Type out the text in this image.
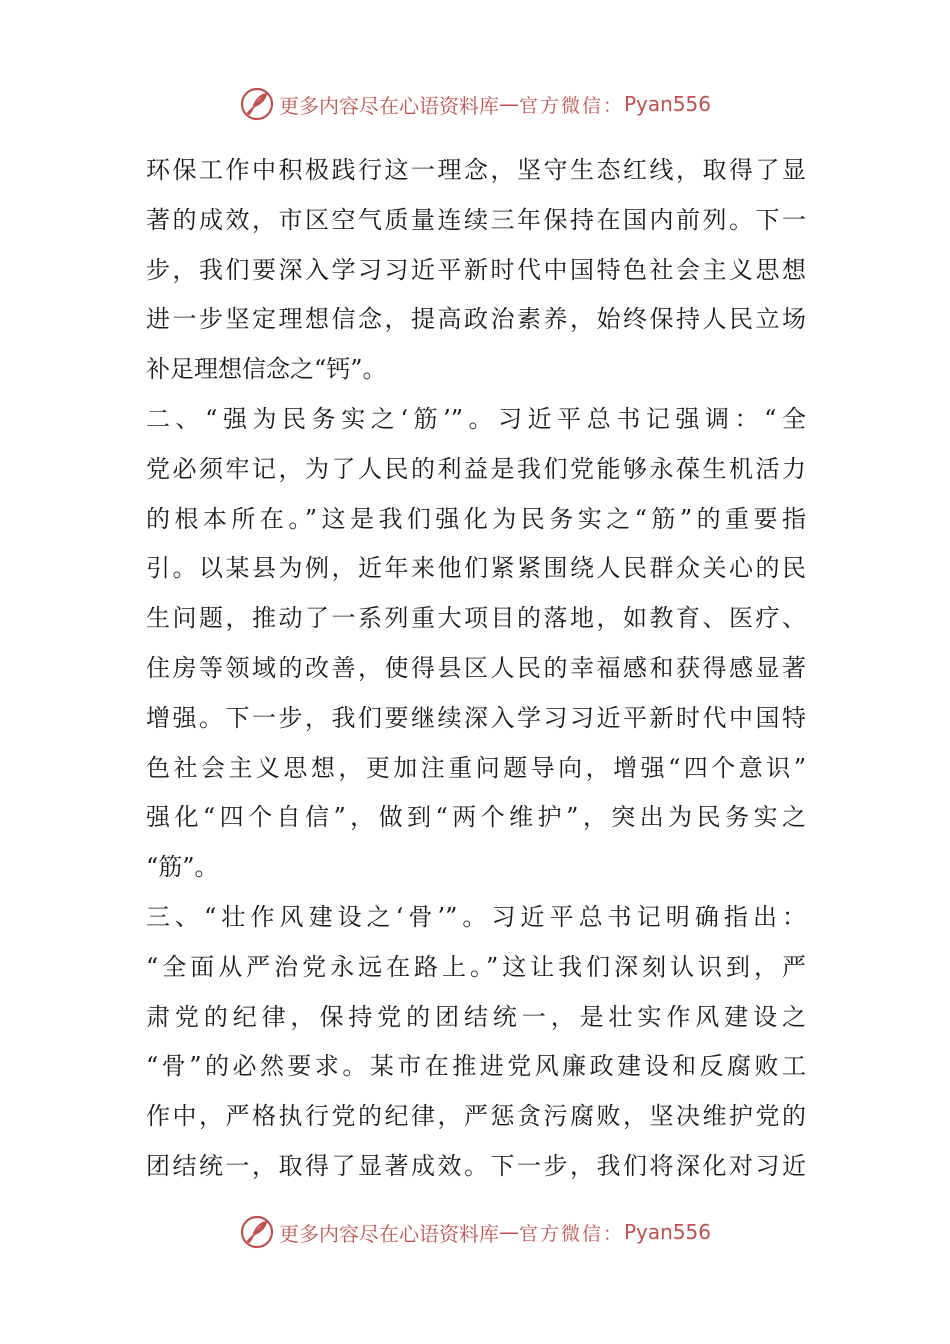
更多内容尽在心语资料库 — 官方微信： Pyan556
环保工作中积极践行这一理念，坚守生态红线，取得了显
著的成效，市区空气质量连续三年保持在国内前列。下一
步，我们要深入学习习近平新时代中国特色社会主义思想
进一步坚定理想信念，提高政治素养，始终保持人民立场
补足理想信念之“钙”。
二、“强为民务实之‘筋’”。习近平总书记强调：“全
党必须牢记，为了人民的利益是我们党能够永葆生机活力
的根本所在。”这是我们强化为民务实之“筋”的重要指
引。以某县为例，近年来他们紧紧围绕人民群众关心的民
生问题，推动了一系列重大项目的落地，如教育、医疗、
住房等领域的改善，使得县区人民的幸福感和获得感显著
增强。下一步，我们要继续深入学习习近平新时代中国特
色社会主义思想，更加注重问题导向，增强“四个意识”
强化“四个自信”，做到“两个维护”，突出为民务实之
“筋”。
三、“壮作风建设之‘骨’”。习近平总书记明确指出：
“全面从严治党永远在路上。”这让我们深刻认识到，严
肃党的纪律，保持党的团结统一，是壮实作风建设之
“骨”的必然要求。某市在推进党风廉政建设和反腐败工
作中，严格执行党的纪律，严惩贪污腐败，坚决维护党的
团结统一，取得了显著成效。下一步，我们将深化对习近
更多内容尽在心语资料库 — 官方微信： Pyan556
